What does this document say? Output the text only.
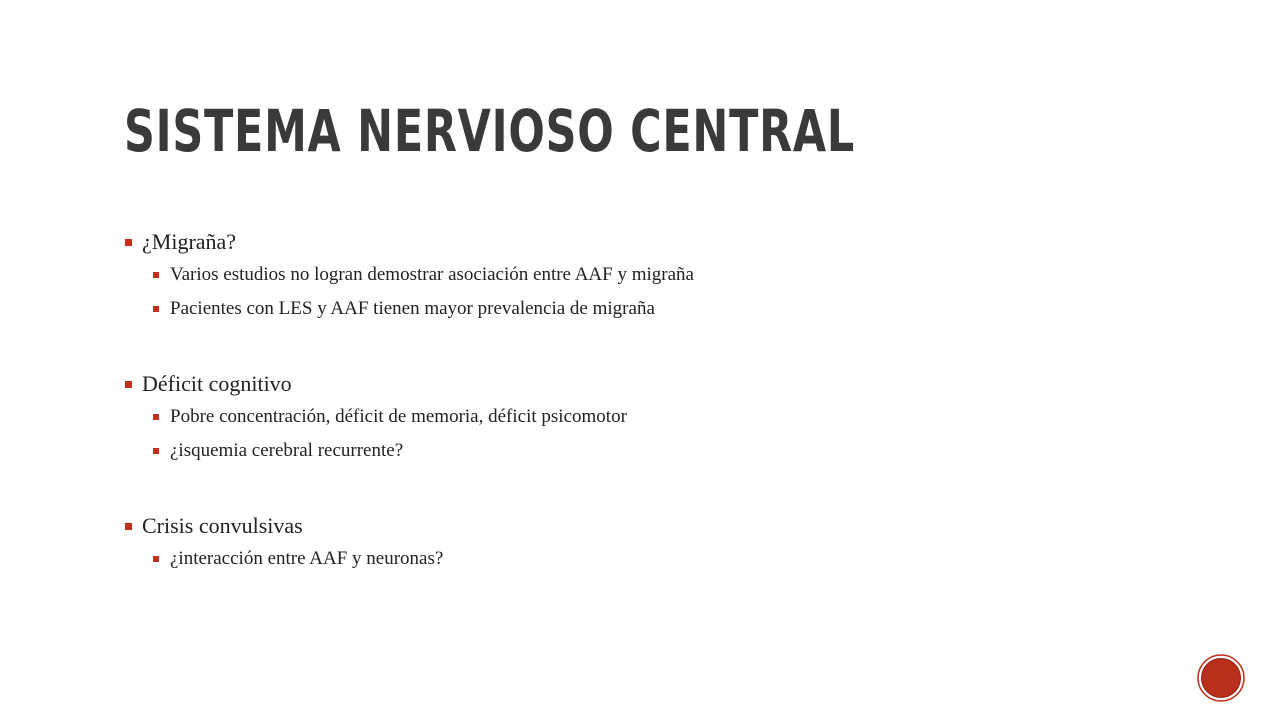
SISTEMA NERVIOSO CENTRAL
¿Migraña?
Varios estudios no logran demostrar asociación entre AAF y migraña
Pacientes con LES y AAF tienen mayor prevalencia de migraña
Déficit cognitivo
Pobre concentración, déficit de memoria, déficit psicomotor
¿isquemia cerebral recurrente?
Crisis convulsivas
¿interacción entre AAF y neuronas?
